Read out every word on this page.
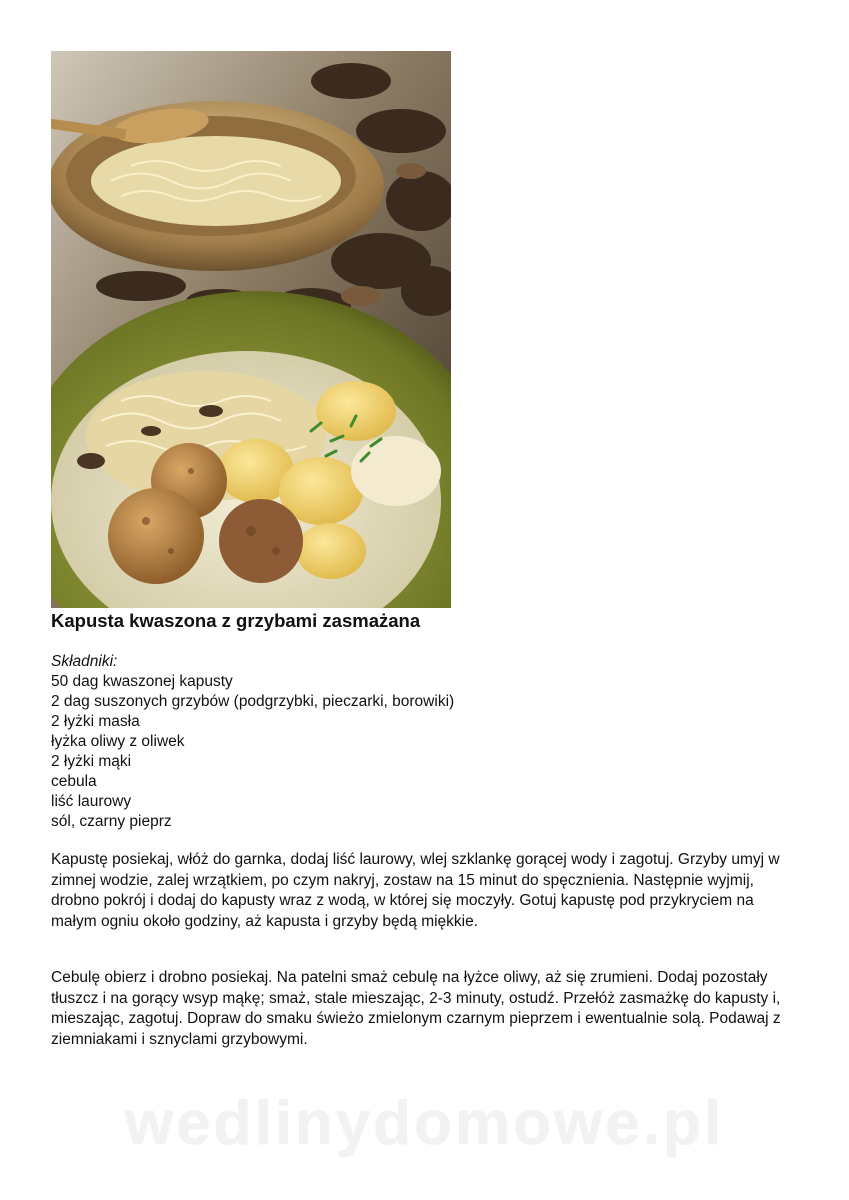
Kapusta kwaszona z grzybami zasmażana
Składniki:
50 dag kwaszonej kapusty
2 dag suszonych grzybów (podgrzybki, pieczarki, borowiki)
2 łyżki masła
łyżka oliwy z oliwek
2 łyżki mąki
cebula
liść laurowy
sól, czarny pieprz

Kapustę posiekaj, włóż do garnka, dodaj liść laurowy, wlej szklankę gorącej wody i zagotuj. Grzyby umyj w zimnej wodzie, zalej wrzątkiem, po czym nakryj, zostaw na 15 minut do spęcznienia. Następnie wyjmij, drobno pokrój i dodaj do kapusty wraz z wodą, w której się moczyły. Gotuj kapustę pod przykryciem na małym ogniu około godziny, aż kapusta i grzyby będą miękkie.

Cebulę obierz i drobno posiekaj. Na patelni smaż cebulę na łyżce oliwy, aż się zrumieni. Dodaj pozostały tłuszcz i na gorący wsyp mąkę; smaż, stale mieszając, 2-3 minuty, ostudź. Przełóż zasmażkę do kapusty i, mieszając, zagotuj. Dopraw do smaku świeżo zmielonym czarnym pieprzem i ewentualnie solą. Podawaj z ziemniakami i sznyclami grzybowymi.

wedlinydomowe.pl
